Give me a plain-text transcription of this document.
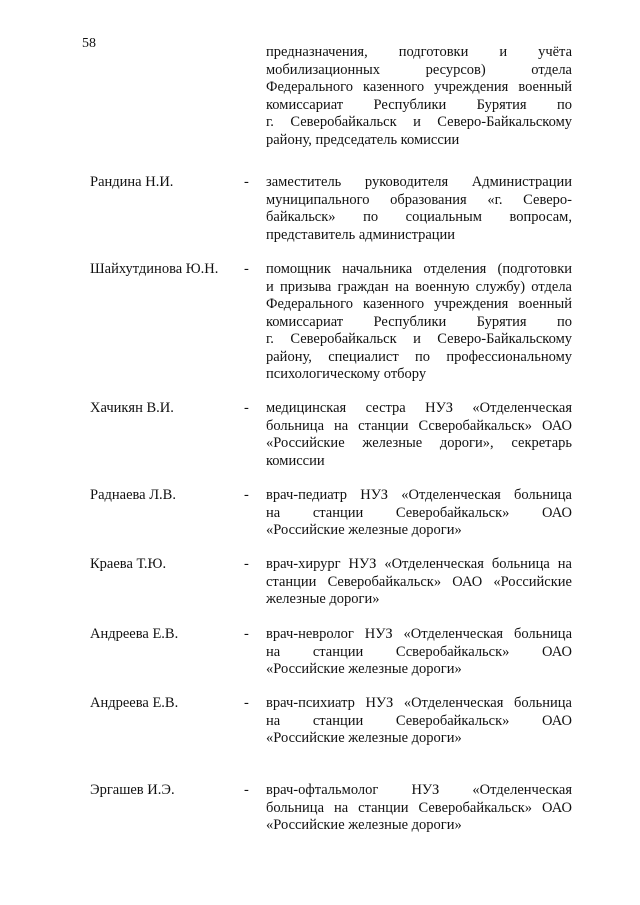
58
предназначения, подготовки и учёта
мобилизационных ресурсов) отдела
Федерального казенного учреждения военный
комиссариат Республики Бурятия по
г. Северобайкальск и Северо-Байкальскому
району, председатель комиссии
Рандина Н.И.	- заместитель руководителя Администрации
муниципального образования «г. Северо-
байкальск» по социальным вопросам,
представитель администрации
Шайхутдинова Ю.Н. - помощник начальника отделения (подготовки
и призыва граждан на военную службу) отдела
Федерального казенного учреждения военный
комиссариат Республики Бурятия по
г. Северобайкальск и Северо-Байкальскому
району, специалист по профессиональному
психологическому отбору
Хачикян В.И.	- медицинская сестра НУЗ «Отделенческая
больница на станции Ссверобайкальск» ОАО
«Российские железные дороги», секретарь
комиссии
Раднаева Л.В.	- врач-педиатр НУЗ «Отделенческая больница
на станции Северобайкальск» ОАО
«Российские железные дороги»
Краева Т.Ю.	- врач-хирург НУЗ «Отделенческая больница на
станции Северобайкальск» ОАО «Российские
железные дороги»
Андреева Е.В.	- врач-невролог НУЗ «Отделенческая больница
на станции Ссверобайкальск» ОАО
«Российские железные дороги»
Андреева Е.В.	- врач-психиатр НУЗ «Отделенческая больница
на станции Северобайкальск» ОАО
«Российские железные дороги»
Эргашев И.Э.	- врач-офтальмолог НУЗ «Отделенческая
больница на станции Северобайкальск» ОАО
«Российские железные дороги»
